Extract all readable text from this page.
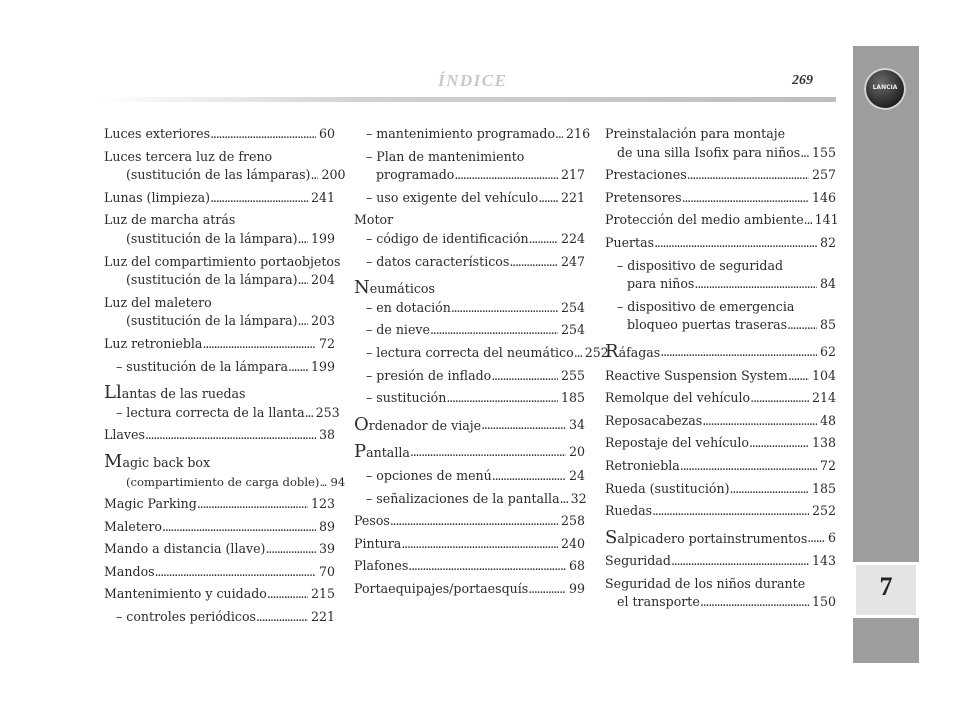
ÍNDICE	269	LANCIA
7
Luces exteriores . . .	60
Luces tercera luz de freno
(sustitución de las lámparas) . . . 200
Lunas (limpieza) . . .	241
Luz de marcha atrás
(sustitución de la lámpara) . . . 199
Luz del compartimiento portaobjetos
(sustitución de la lámpara) . . . 204
Luz del maletero
(sustitución de la lámpara) . . . 203
Luz retroniebla . . .	72
– sustitución de la lámpara . . . 199
Llantas de las ruedas
– lectura correcta de la llanta . . . 253
Llaves . . .	38
Magic back box
(compartimiento de carga doble) . . . 94
Magic Parking . . .	123
Maletero . . .	89
Mando a distancia (llave) . . .	39
Mandos . . .	70
Mantenimiento y cuidado . . .	215
– controles periódicos . . .	221
– mantenimiento programado . . . 216
– Plan de mantenimiento
programado . . .	217
– uso exigente del vehículo . . . 221
Motor
– código de identificación . . .	224
– datos característicos . . .	247
Neumáticos
– en dotación . . .	254
– de nieve . . .	254
– lectura correcta del neumático . . . 252
– presión de inflado . . .	255
– sustitución . . .	185
Ordenador de viaje . . .	34
Pantalla . . .	20
– opciones de menú . . .	24
– señalizaciones de la pantalla . . . 32
Pesos . . .	258
Pintura . . .	240
Plafones . . .	68
Portaequipajes/portaesquís . . .	99
Preinstalación para montaje
de una silla Isofix para niños . . . 155
Prestaciones . . .	257
Pretensores . . .	146
Protección del medio ambiente . . . 141
Puertas . . .	82
– dispositivo de seguridad
para niños . . .	84
– dispositivo de emergencia
bloqueo puertas traseras . . .	85
Ráfagas . . .	62
Reactive Suspension System . . . 104
Remolque del vehículo . . .	214
Reposacabezas . . .	48
Repostaje del vehículo . . .	138
Retroniebla . . .	72
Rueda (sustitución) . . .	185
Ruedas . . .	252
Salpicadero portainstrumentos . . . 6
Seguridad . . .	143
Seguridad de los niños durante
el transporte . . .	150
